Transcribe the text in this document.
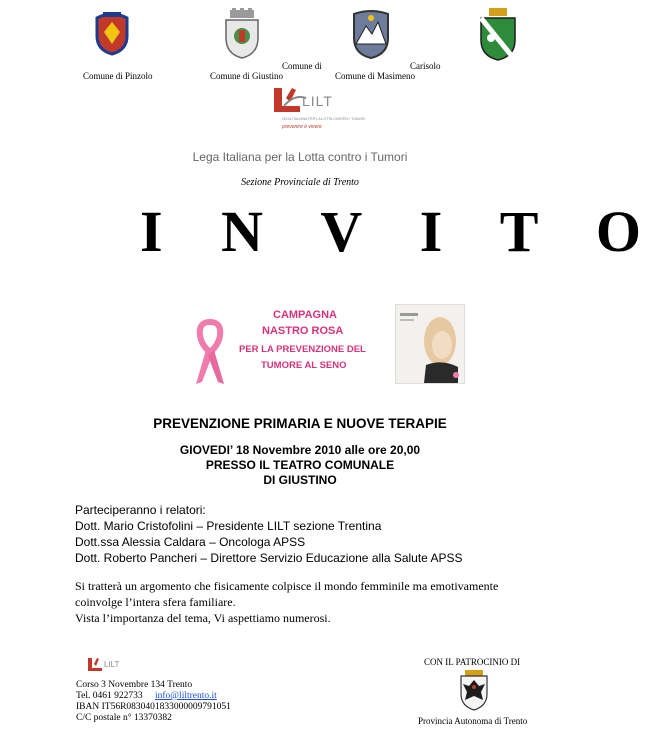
Comune di Pinzolo	Comune di Giustino
Comune di
Comune di Masimeno
Carisolo
LILT
LEGA ITALIANA PER LA LOTTA CONTRO I TUMORI
prevenire è vivere
Lega Italiana per la Lotta contro i Tumori
Sezione Provinciale di Trento
I N V I T O
CAMPAGNA
NASTRO ROSA
PER LA PREVENZIONE DEL
TUMORE AL SENO
PREVENZIONE PRIMARIA E NUOVE TERAPIE
GIOVEDI’ 18 Novembre 2010 alle ore 20,00
PRESSO IL TEATRO COMUNALE
DI GIUSTINO
Parteciperanno i relatori:
Dott. Mario Cristofolini – Presidente LILT sezione Trentina
Dott.ssa Alessia Caldara – Oncologa APSS
Dott. Roberto Pancheri – Direttore Servizio Educazione alla Salute APSS
Si tratterà un argomento che fisicamente colpisce il mondo femminile ma emotivamente
coinvolge l’intera sfera familiare.
Vista l’importanza del tema, Vi aspettiamo numerosi.
LILT
Corso 3 Novembre 134 Trento
Tel. 0461 922733 info@liltrento.it
IBAN IT56R0830401833000009791051
C/C postale n° 13370382
CON IL PATROCINIO DI
Provincia Autonoma di Trento
